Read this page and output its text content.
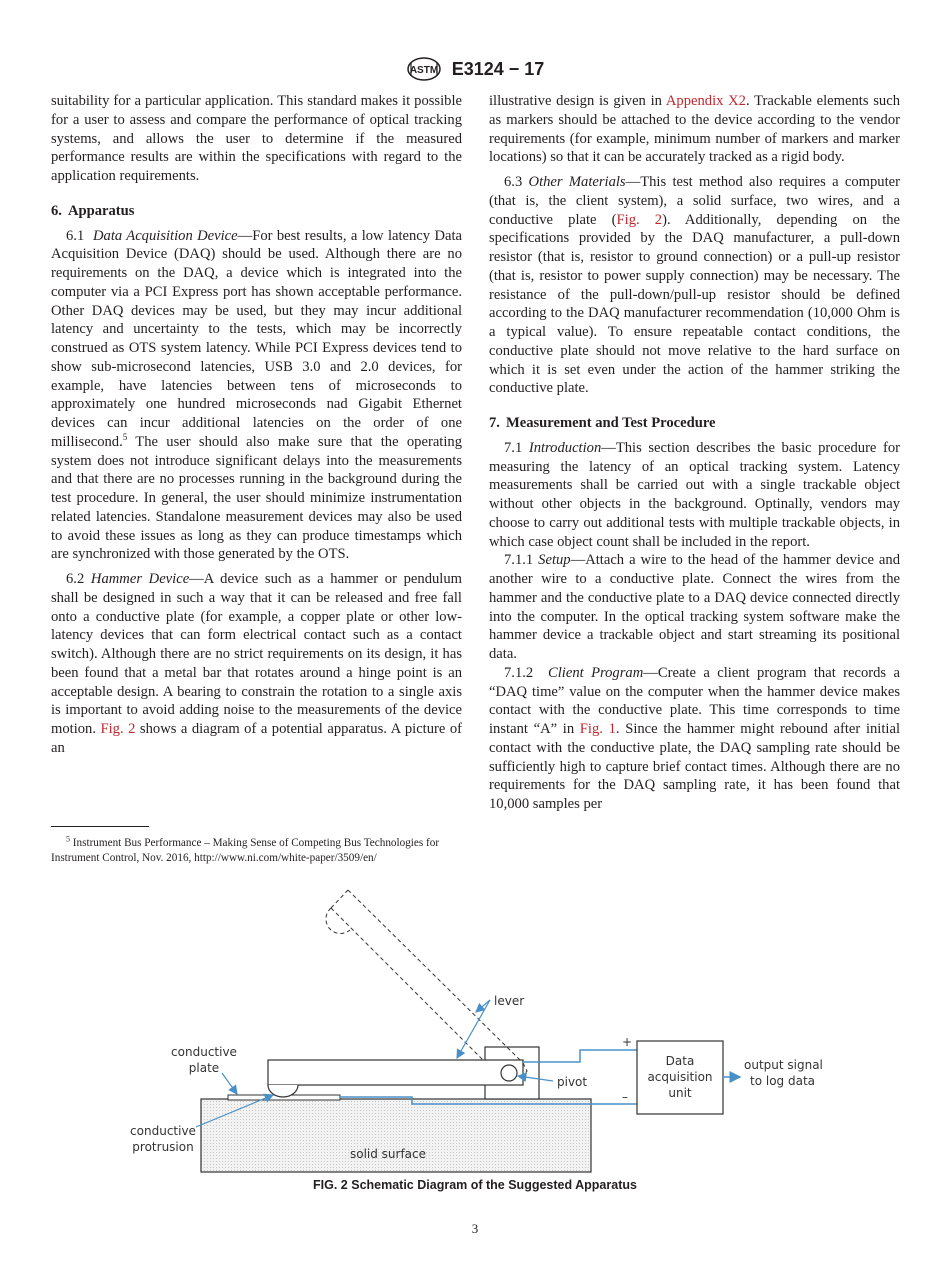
ASTM E3124 − 17

suitability for a particular application. This standard makes it possible for a user to assess and compare the performance of optical tracking systems, and allows the user to determine if the measured performance results are within the specifications with regard to the application requirements.

6. Apparatus

6.1 Data Acquisition Device—For best results, a low latency Data Acquisition Device (DAQ) should be used. Although there are no requirements on the DAQ, a device which is integrated into the computer via a PCI Express port has shown acceptable performance. Other DAQ devices may be used, but they may incur additional latency and uncertainty to the tests, which may be incorrectly construed as OTS system latency. While PCI Express devices tend to show sub-microsecond latencies, USB 3.0 and 2.0 devices, for example, have latencies between tens of microseconds to approximately one hundred microseconds nad Gigabit Ethernet devices can incur additional latencies on the order of one millisecond.$^5$ The user should also make sure that the operating system does not introduce significant delays into the measurements and that there are no processes running in the background during the test procedure. In general, the user should minimize instrumentation related latencies. Standalone measurement devices may also be used to avoid these issues as long as they can produce timestamps which are synchronized with those generated by the OTS.

6.2 Hammer Device—A device such as a hammer or pendulum shall be designed in such a way that it can be released and free fall onto a conductive plate (for example, a copper plate or other low-latency devices that can form electrical contact such as a contact switch). Although there are no strict requirements on its design, it has been found that a metal bar that rotates around a hinge point is an acceptable design. A bearing to constrain the rotation to a single axis is important to avoid adding noise to the measurements of the device motion. Fig. 2 shows a diagram of a potential apparatus. A picture of an

$^5$ Instrument Bus Performance – Making Sense of Competing Bus Technologies for Instrument Control, Nov. 2016, http://www.ni.com/white-paper/3509/en/

illustrative design is given in Appendix X2. Trackable elements such as markers should be attached to the device according to the vendor requirements (for example, minimum number of markers and marker locations) so that it can be accurately tracked as a rigid body.

6.3 Other Materials—This test method also requires a computer (that is, the client system), a solid surface, two wires, and a conductive plate (Fig. 2). Additionally, depending on the specifications provided by the DAQ manufacturer, a pull-down resistor (that is, resistor to ground connection) or a pull-up resistor (that is, resistor to power supply connection) may be necessary. The resistance of the pull-down/pull-up resistor should be defined according to the DAQ manufacturer recommendation (10,000 Ohm is a typical value). To ensure repeatable contact conditions, the conductive plate should not move relative to the hard surface on which it is set even under the action of the hammer striking the conductive plate.

7. Measurement and Test Procedure

7.1 Introduction—This section describes the basic procedure for measuring the latency of an optical tracking system. Latency measurements shall be carried out with a single trackable object without other objects in the background. Optinally, vendors may choose to carry out additional tests with multiple trackable objects, in which case object count shall be included in the report.

7.1.1 Setup—Attach a wire to the head of the hammer device and another wire to a conductive plate. Connect the wires from the hammer and the conductive plate to a DAQ device connected directly into the computer. In the optical tracking system software make the hammer device a trackable object and start streaming its positional data.

7.1.2 Client Program—Create a client program that records a “DAQ time” value on the computer when the hammer device makes contact with the conductive plate. This time corresponds to time instant “A” in Fig. 1. Since the hammer might rebound after initial contact with the conductive plate, the DAQ sampling rate should be sufficiently high to capture brief contact times. Although there are no requirements for the DAQ sampling rate, it has been found that 10,000 samples per

solid surface
+
–
Data
acquisition
unit
output signal
to log data
lever
pivot
conductive
plate
conductive
protrusion
FIG. 2 Schematic Diagram of the Suggested Apparatus
3
